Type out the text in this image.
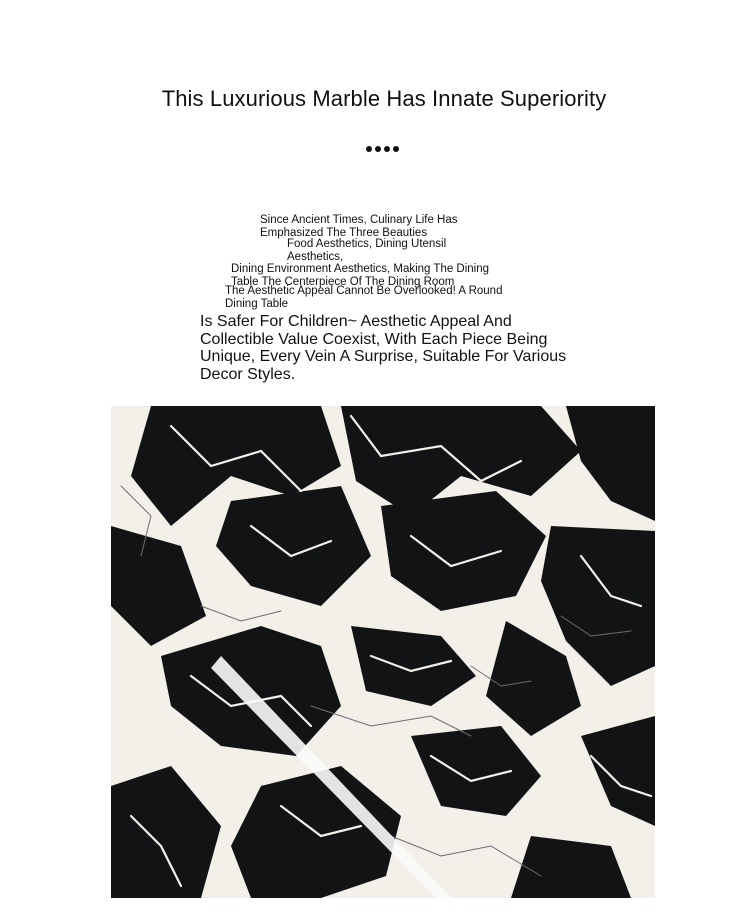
This Luxurious Marble Has Innate Superiority
Since Ancient Times, Culinary Life Has
Emphasized The Three Beauties
Food Aesthetics, Dining Utensil
Aesthetics,
Dining Environment Aesthetics, Making The Dining
Table The Centerpiece Of The Dining Room
The Aesthetic Appeal Cannot Be Overlooked! A Round
Dining Table
Is Safer For Children~ Aesthetic Appeal And Collectible Value Coexist, With Each Piece Being Unique, Every Vein A Surprise, Suitable For Various Decor Styles.
